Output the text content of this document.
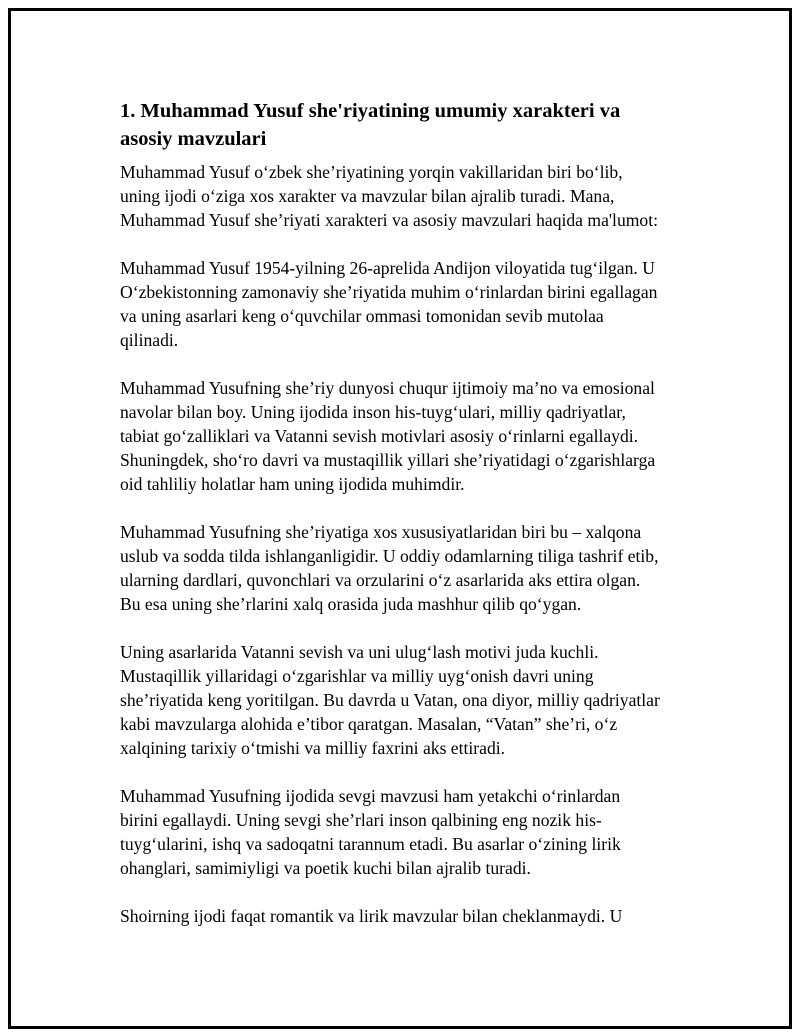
1. Muhammad Yusuf she'riyatining umumiy xarakteri va
asosiy mavzulari

Muhammad Yusuf o‘zbek she’riyatining yorqin vakillaridan biri bo‘lib,
uning ijodi o‘ziga xos xarakter va mavzular bilan ajralib turadi. Mana,
Muhammad Yusuf she’riyati xarakteri va asosiy mavzulari haqida ma'lumot:

Muhammad Yusuf 1954-yilning 26-aprelida Andijon viloyatida tug‘ilgan. U
O‘zbekistonning zamonaviy she’riyatida muhim o‘rinlardan birini egallagan
va uning asarlari keng o‘quvchilar ommasi tomonidan sevib mutolaa
qilinadi.

Muhammad Yusufning she’riy dunyosi chuqur ijtimoiy ma’no va emosional
navolar bilan boy. Uning ijodida inson his-tuyg‘ulari, milliy qadriyatlar,
tabiat go‘zalliklari va Vatanni sevish motivlari asosiy o‘rinlarni egallaydi.
Shuningdek, sho‘ro davri va mustaqillik yillari she’riyatidagi o‘zgarishlarga
oid tahliliy holatlar ham uning ijodida muhimdir.

Muhammad Yusufning she’riyatiga xos xususiyatlaridan biri bu – xalqona
uslub va sodda tilda ishlanganligidir. U oddiy odamlarning tiliga tashrif etib,
ularning dardlari, quvonchlari va orzularini o‘z asarlarida aks ettira olgan.
Bu esa uning she’rlarini xalq orasida juda mashhur qilib qo‘ygan.

Uning asarlarida Vatanni sevish va uni ulug‘lash motivi juda kuchli.
Mustaqillik yillaridagi o‘zgarishlar va milliy uyg‘onish davri uning
she’riyatida keng yoritilgan. Bu davrda u Vatan, ona diyor, milliy qadriyatlar
kabi mavzularga alohida e’tibor qaratgan. Masalan, “Vatan” she’ri, o‘z
xalqining tarixiy o‘tmishi va milliy faxrini aks ettiradi.

Muhammad Yusufning ijodida sevgi mavzusi ham yetakchi o‘rinlardan
birini egallaydi. Uning sevgi she’rlari inson qalbining eng nozik his-
tuyg‘ularini, ishq va sadoqatni tarannum etadi. Bu asarlar o‘zining lirik
ohanglari, samimiyligi va poetik kuchi bilan ajralib turadi.

Shoirning ijodi faqat romantik va lirik mavzular bilan cheklanmaydi. U
